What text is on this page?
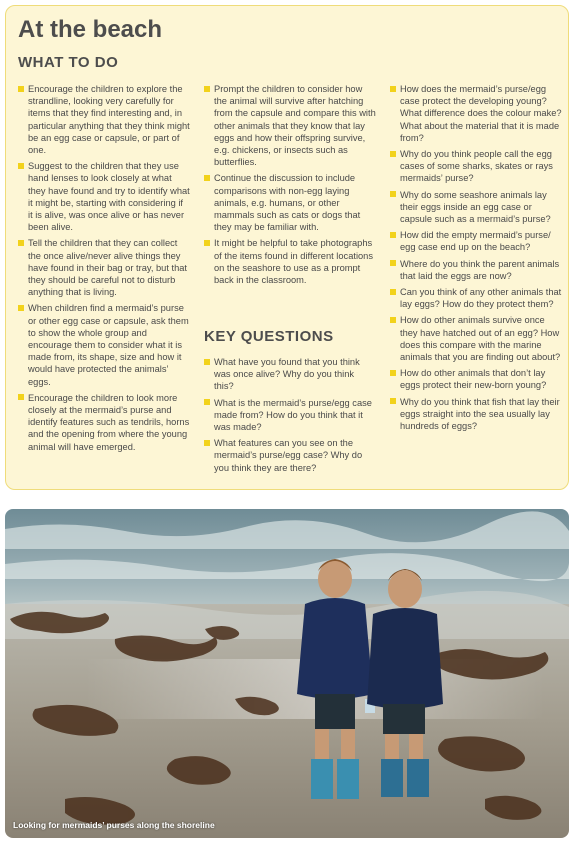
At the beach
WHAT TO DO
Encourage the children to explore the strandline, looking very carefully for items that they find interesting and, in particular anything that they think might be an egg case or capsule, or part of one.
Suggest to the children that they use hand lenses to look closely at what they have found and try to identify what it might be, starting with considering if it is alive, was once alive or has never been alive.
Tell the children that they can collect the once alive/never alive things they have found in their bag or tray, but that they should be careful not to disturb anything that is living.
When children find a mermaid’s purse or other egg case or capsule, ask them to show the whole group and encourage them to consider what it is made from, its shape, size and how it would have protected the animals’ eggs.
Encourage the children to look more closely at the mermaid’s purse and identify features such as tendrils, horns and the opening from where the young animal will have emerged.
Prompt the children to consider how the animal will survive after hatching from the capsule and compare this with other animals that they know that lay eggs and how their offspring survive, e.g. chickens, or insects such as butterflies.
Continue the discussion to include comparisons with non-egg laying animals, e.g. humans, or other mammals such as cats or dogs that they may be familiar with.
It might be helpful to take photographs of the items found in different locations on the seashore to use as a prompt back in the classroom.
KEY QUESTIONS
What have you found that you think was once alive? Why do you think this?
What is the mermaid’s purse/egg case made from? How do you think that it was made?
What features can you see on the mermaid’s purse/egg case? Why do you think they are there?
How does the mermaid’s purse/egg case protect the developing young? What difference does the colour make? What about the material that it is made from?
Why do you think people call the egg cases of some sharks, skates or rays mermaids’ purse?
Why do some seashore animals lay their eggs inside an egg case or capsule such as a mermaid’s purse?
How did the empty mermaid’s purse/ egg case end up on the beach?
Where do you think the parent animals that laid the eggs are now?
Can you think of any other animals that lay eggs? How do they protect them?
How do other animals survive once they have hatched out of an egg? How does this compare with the marine animals that you are finding out about?
How do other animals that don’t lay eggs protect their new-born young?
Why do you think that fish that lay their eggs straight into the sea usually lay hundreds of eggs?
Looking for mermaids’ purses along the shoreline
